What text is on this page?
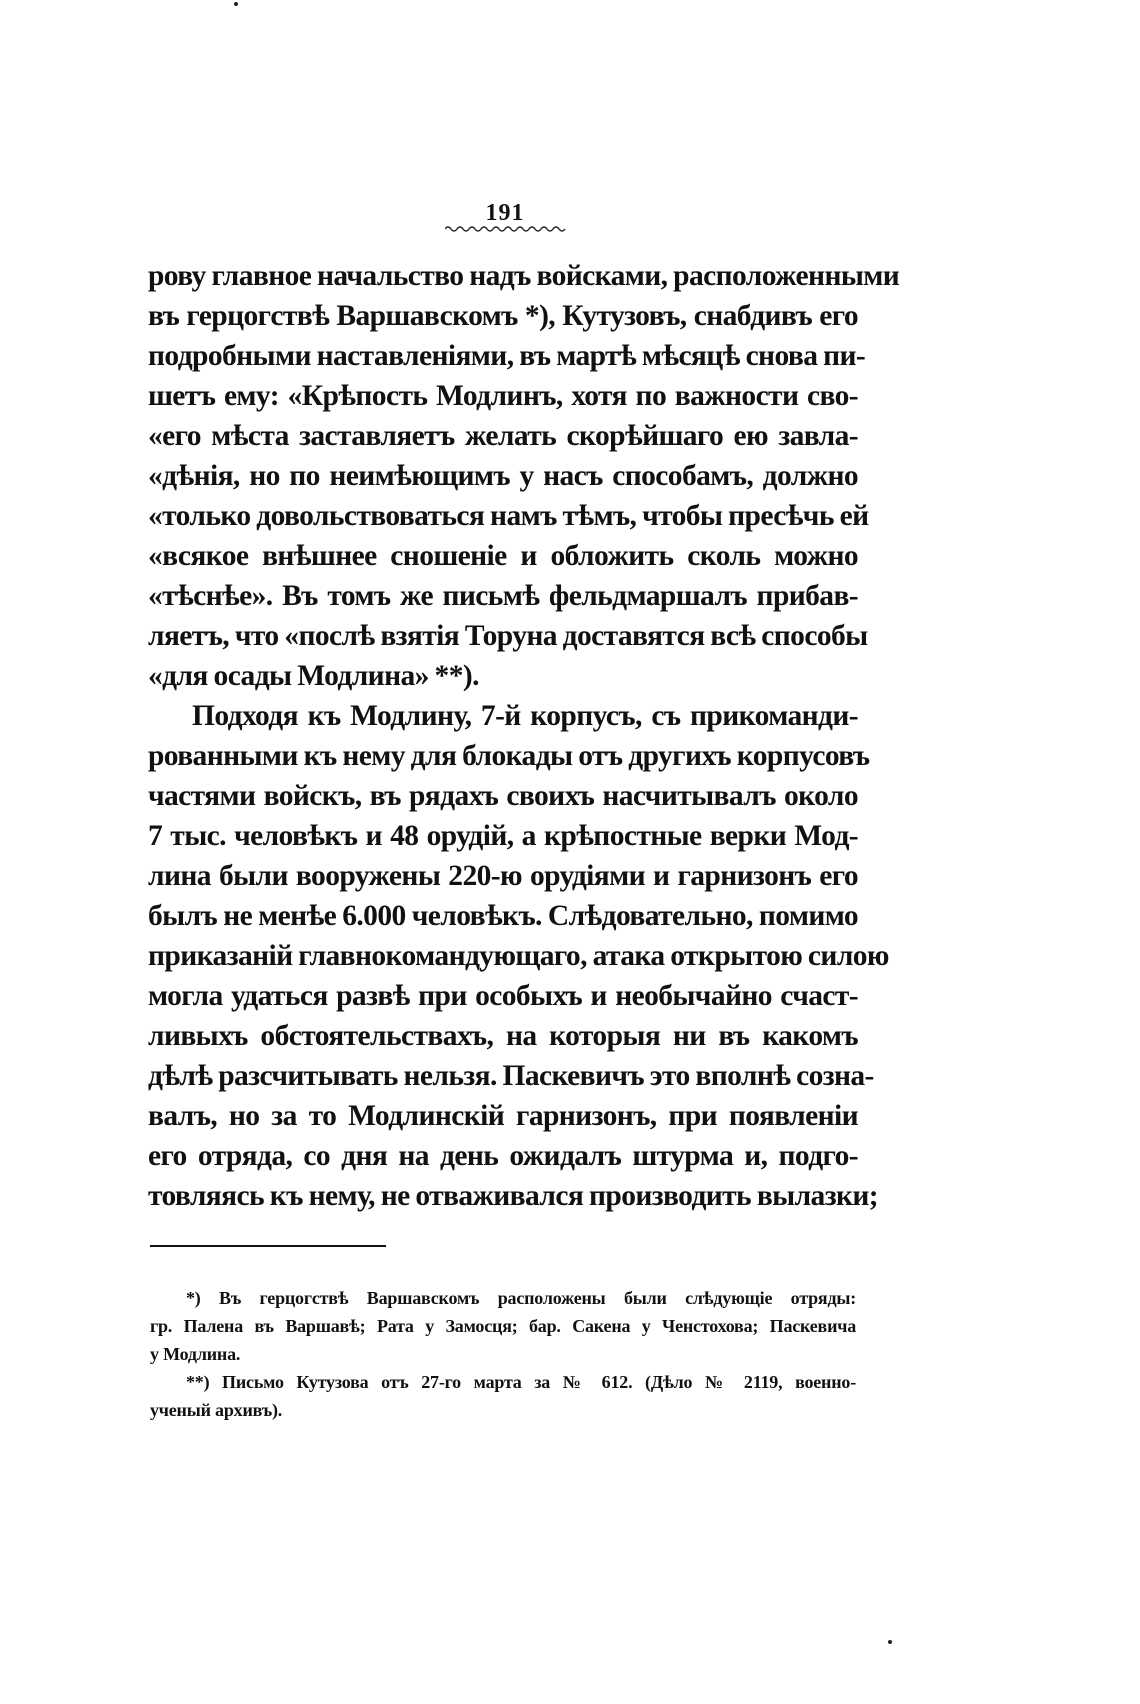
191
рову главное начальство надъ войсками, расположенными
въ герцогствѣ Варшавскомъ *), Кутузовъ, снабдивъ его
подробными наставленіями, въ мартѣ мѣсяцѣ снова пи-
шетъ ему: «Крѣпость Модлинъ, хотя по важности сво-
«его мѣста заставляетъ желать скорѣйшаго ею завла-
«дѣнія, но по неимѣющимъ у насъ способамъ, должно
«только довольствоваться намъ тѣмъ, чтобы пресѣчь ей
«всякое внѣшнее сношеніе и обложить сколь можно
«тѣснѣе». Въ томъ же письмѣ фельдмаршалъ прибав-
ляетъ, что «послѣ взятія Торуна доставятся всѣ способы
«для осады Модлина» **).
Подходя къ Модлину, 7-й корпусъ, съ прикоманди-
рованными къ нему для блокады отъ другихъ корпусовъ
частями войскъ, въ рядахъ своихъ насчитывалъ около
7 тыс. человѣкъ и 48 орудій, а крѣпостные верки Мод-
лина были вооружены 220-ю орудіями и гарнизонъ его
былъ не менѣе 6.000 человѣкъ. Слѣдовательно, помимо
приказаній главнокомандующаго, атака открытою силою
могла удаться развѣ при особыхъ и необычайно счаст-
ливыхъ обстоятельствахъ, на которыя ни въ какомъ
дѣлѣ разсчитывать нельзя. Паскевичъ это вполнѣ сознa-
валъ, но за то Модлинскій гарнизонъ, при появленіи
его отряда, со дня на день ожидалъ штурма и, подго-
товляясь къ нему, не отваживался производить вылазки;
*) Въ герцогствѣ Варшавскомъ расположены были слѣдующіе отряды:
гр. Палена въ Варшавѣ; Рата у Замосця; бар. Сакена у Ченстохова; Паскевича
у Модлина.
**) Письмо Кутузова отъ 27-го марта за № 612. (Дѣло № 2119, военно-
ученый архивъ).
